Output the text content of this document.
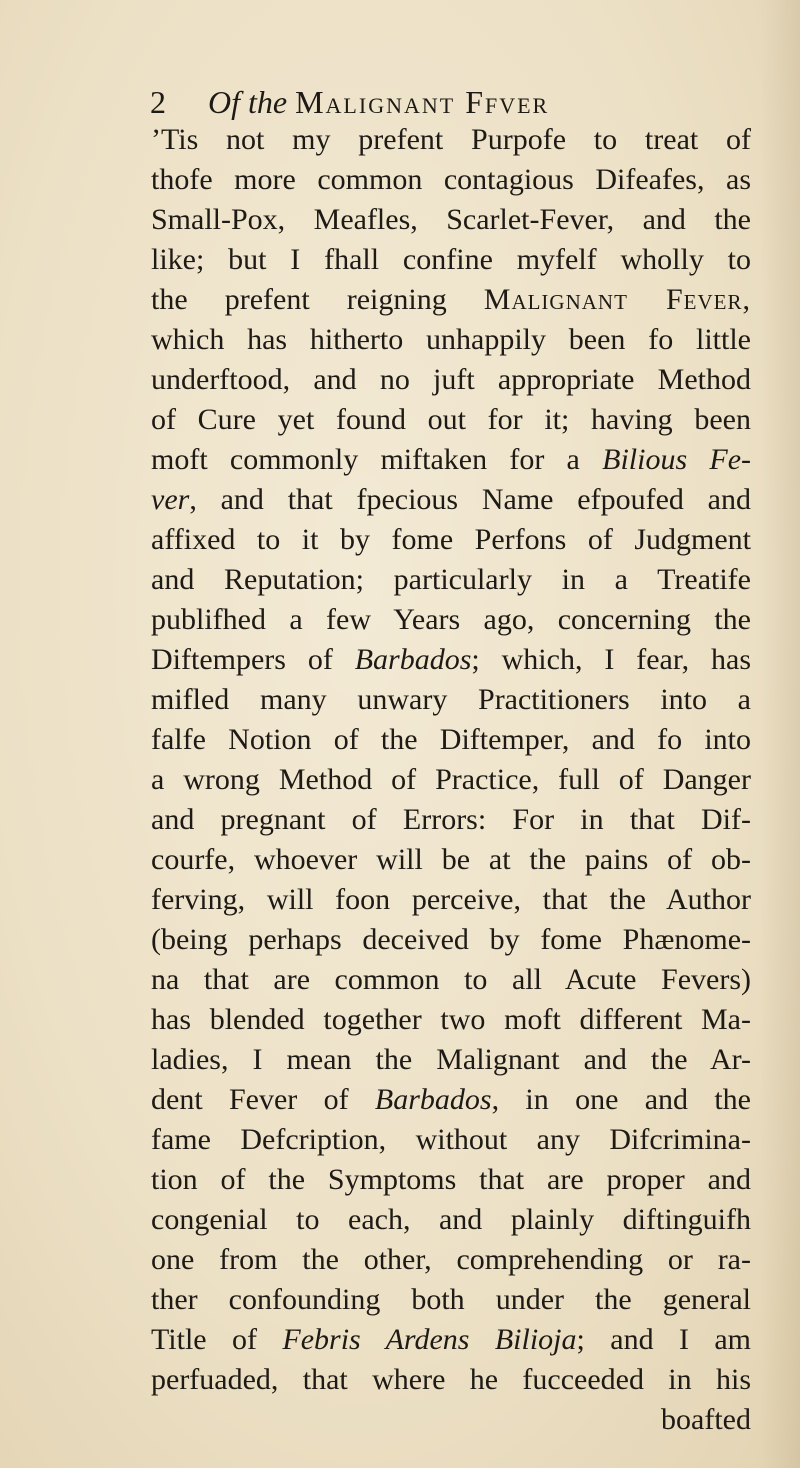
2 Of the Malignant Ffver
’Tis not my prefent Purpofe to treat of
thofe more common contagious Difeafes, as
Small-Pox, Meafles, Scarlet-Fever, and the
like; but I fhall confine myfelf wholly to
the prefent reigning Malignant Fever,
which has hitherto unhappily been fo little
underftood, and no juft appropriate Method
of Cure yet found out for it; having been
moft commonly miftaken for a Bilious Fe-
ver, and that fpecious Name efpoufed and
affixed to it by fome Perfons of Judgment
and Reputation; particularly in a Treatife
publifhed a few Years ago, concerning the
Diftempers of Barbados; which, I fear, has
mifled many unwary Practitioners into a
falfe Notion of the Diftemper, and fo into
a wrong Method of Practice, full of Danger
and pregnant of Errors: For in that Dif-
courfe, whoever will be at the pains of ob-
ferving, will foon perceive, that the Author
(being perhaps deceived by fome Phænome-
na that are common to all Acute Fevers)
has blended together two moft different Ma-
ladies, I mean the Malignant and the Ar-
dent Fever of Barbados, in one and the
fame Defcription, without any Difcrimina-
tion of the Symptoms that are proper and
congenial to each, and plainly diftinguifh
one from the other, comprehending or ra-
ther confounding both under the general
Title of Febris Ardens Bilioja; and I am
perfuaded, that where he fucceeded in his
boafted
